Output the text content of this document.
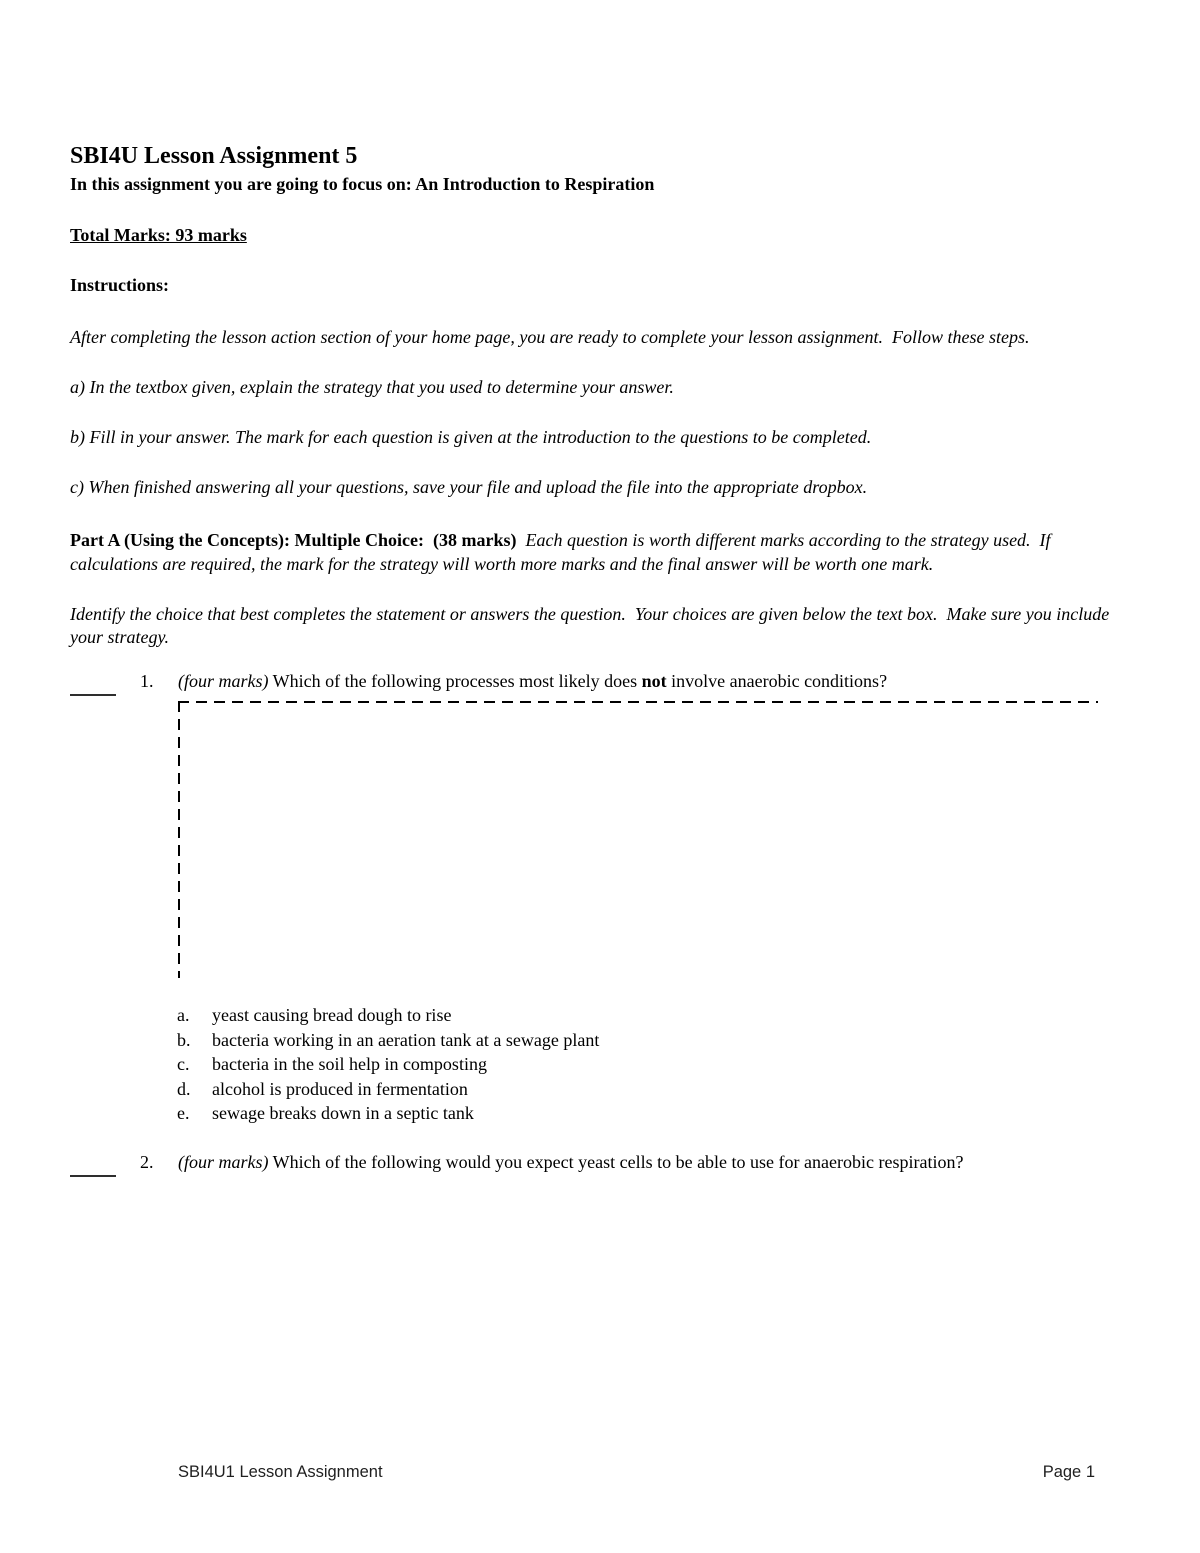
SBI4U Lesson Assignment 5

In this assignment you are going to focus on: An Introduction to Respiration

Total Marks: 93 marks

Instructions:

After completing the lesson action section of your home page, you are ready to complete your lesson assignment.  Follow these steps.

a) In the textbox given, explain the strategy that you used to determine your answer.

b) Fill in your answer. The mark for each question is given at the introduction to the questions to be completed.

c) When finished answering all your questions, save your file and upload the file into the appropriate dropbox.

Part A (Using the Concepts): Multiple Choice:  (38 marks)  Each question is worth different marks according to the strategy used.  If calculations are required, the mark for the strategy will worth more marks and the final answer will be worth one mark.

Identify the choice that best completes the statement or answers the question.  Your choices are given below the text box.  Make sure you include your strategy.

1.	(four marks) Which of the following processes most likely does not involve anaerobic conditions?
a.	yeast causing bread dough to rise
b.	bacteria working in an aeration tank at a sewage plant
c.	bacteria in the soil help in composting
d.	alcohol is produced in fermentation
e.	sewage breaks down in a septic tank
2.	(four marks) Which of the following would you expect yeast cells to be able to use for anaerobic respiration?
SBI4U1 Lesson Assignment	Page 1
